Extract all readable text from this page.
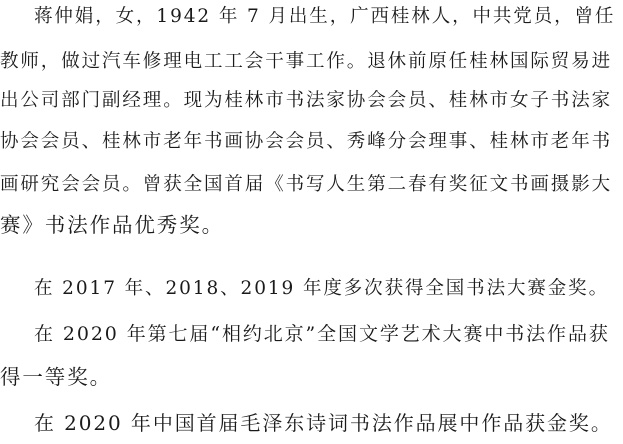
蒋仲娟，女，1942 年 7 月出生，广西桂林人，中共党员，曾任
教师，做过汽车修理电工工会干事工作。退休前原任桂林国际贸易进
出公司部门副经理。现为桂林市书法家协会会员、桂林市女子书法家
协会会员、桂林市老年书画协会会员、秀峰分会理事、桂林市老年书
画研究会会员。曾获全国首届《书写人生第二春有奖征文书画摄影大
赛》书法作品优秀奖。
在 2017 年、2018、2019 年度多次获得全国书法大赛金奖。
在 2020 年第七届“相约北京”全国文学艺术大赛中书法作品获
得一等奖。
在 2020 年中国首届毛泽东诗词书法作品展中作品获金奖。
